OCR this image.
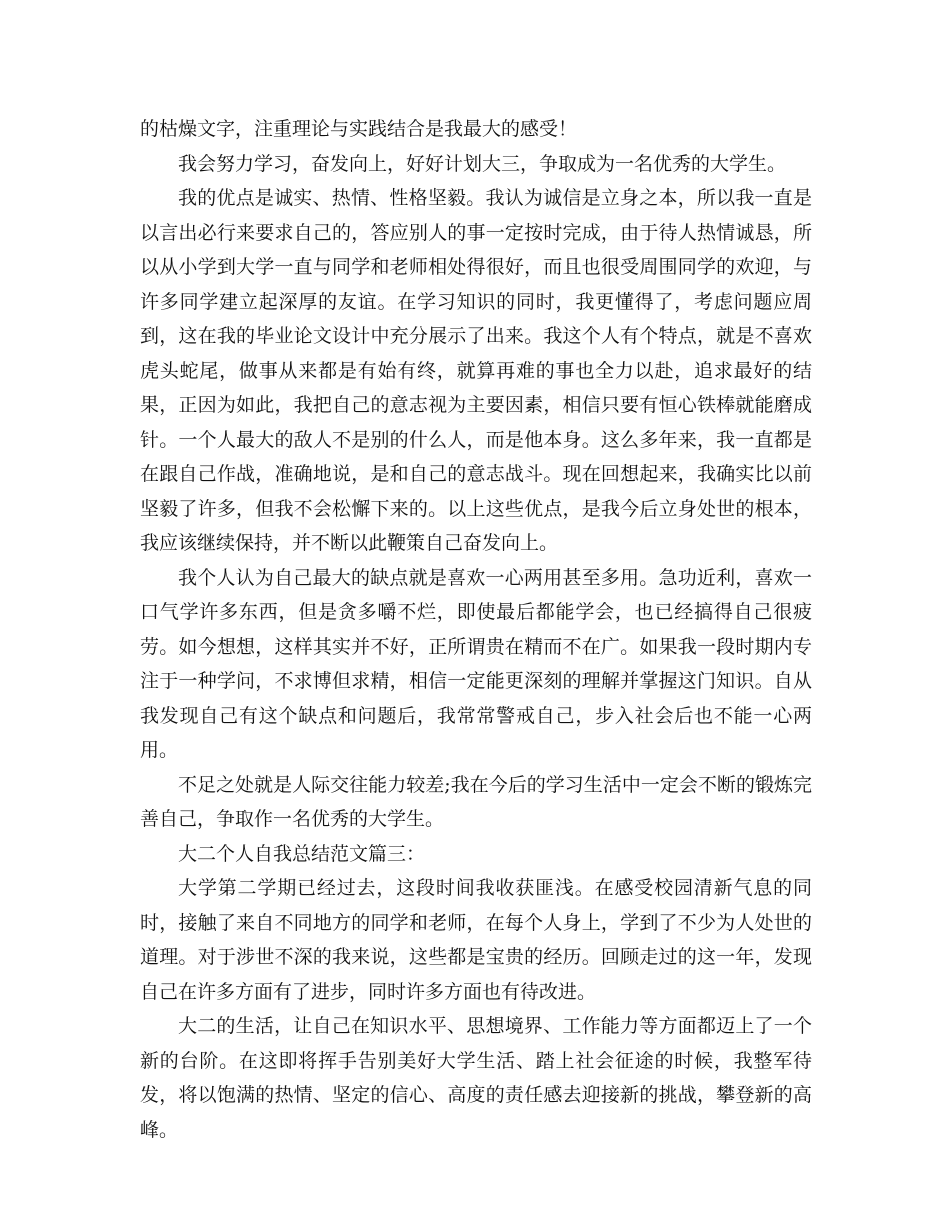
的枯燥文字，注重理论与实践结合是我最大的感受！

我会努力学习，奋发向上，好好计划大三，争取成为一名优秀的大学生。

我的优点是诚实、热情、性格坚毅。我认为诚信是立身之本，所以我一直是以言出必行来要求自己的，答应别人的事一定按时完成，由于待人热情诚恳，所以从小学到大学一直与同学和老师相处得很好，而且也很受周围同学的欢迎，与许多同学建立起深厚的友谊。在学习知识的同时，我更懂得了，考虑问题应周到，这在我的毕业论文设计中充分展示了出来。我这个人有个特点，就是不喜欢虎头蛇尾，做事从来都是有始有终，就算再难的事也全力以赴，追求最好的结果，正因为如此，我把自己的意志视为主要因素，相信只要有恒心铁棒就能磨成针。一个人最大的敌人不是别的什么人，而是他本身。这么多年来，我一直都是在跟自己作战，准确地说，是和自己的意志战斗。现在回想起来，我确实比以前坚毅了许多，但我不会松懈下来的。以上这些优点，是我今后立身处世的根本，我应该继续保持，并不断以此鞭策自己奋发向上。

我个人认为自己最大的缺点就是喜欢一心两用甚至多用。急功近利，喜欢一口气学许多东西，但是贪多嚼不烂，即使最后都能学会，也已经搞得自己很疲劳。如今想想，这样其实并不好，正所谓贵在精而不在广。如果我一段时期内专注于一种学问，不求博但求精，相信一定能更深刻的理解并掌握这门知识。自从我发现自己有这个缺点和问题后，我常常警戒自己，步入社会后也不能一心两用。

不足之处就是人际交往能力较差;我在今后的学习生活中一定会不断的锻炼完善自己，争取作一名优秀的大学生。

大二个人自我总结范文篇三：

大学第二学期已经过去，这段时间我收获匪浅。在感受校园清新气息的同时，接触了来自不同地方的同学和老师，在每个人身上，学到了不少为人处世的道理。对于涉世不深的我来说，这些都是宝贵的经历。回顾走过的这一年，发现自己在许多方面有了进步，同时许多方面也有待改进。

大二的生活，让自己在知识水平、思想境界、工作能力等方面都迈上了一个新的台阶。在这即将挥手告别美好大学生活、踏上社会征途的时候，我整军待发，将以饱满的热情、坚定的信心、高度的责任感去迎接新的挑战，攀登新的高峰。
